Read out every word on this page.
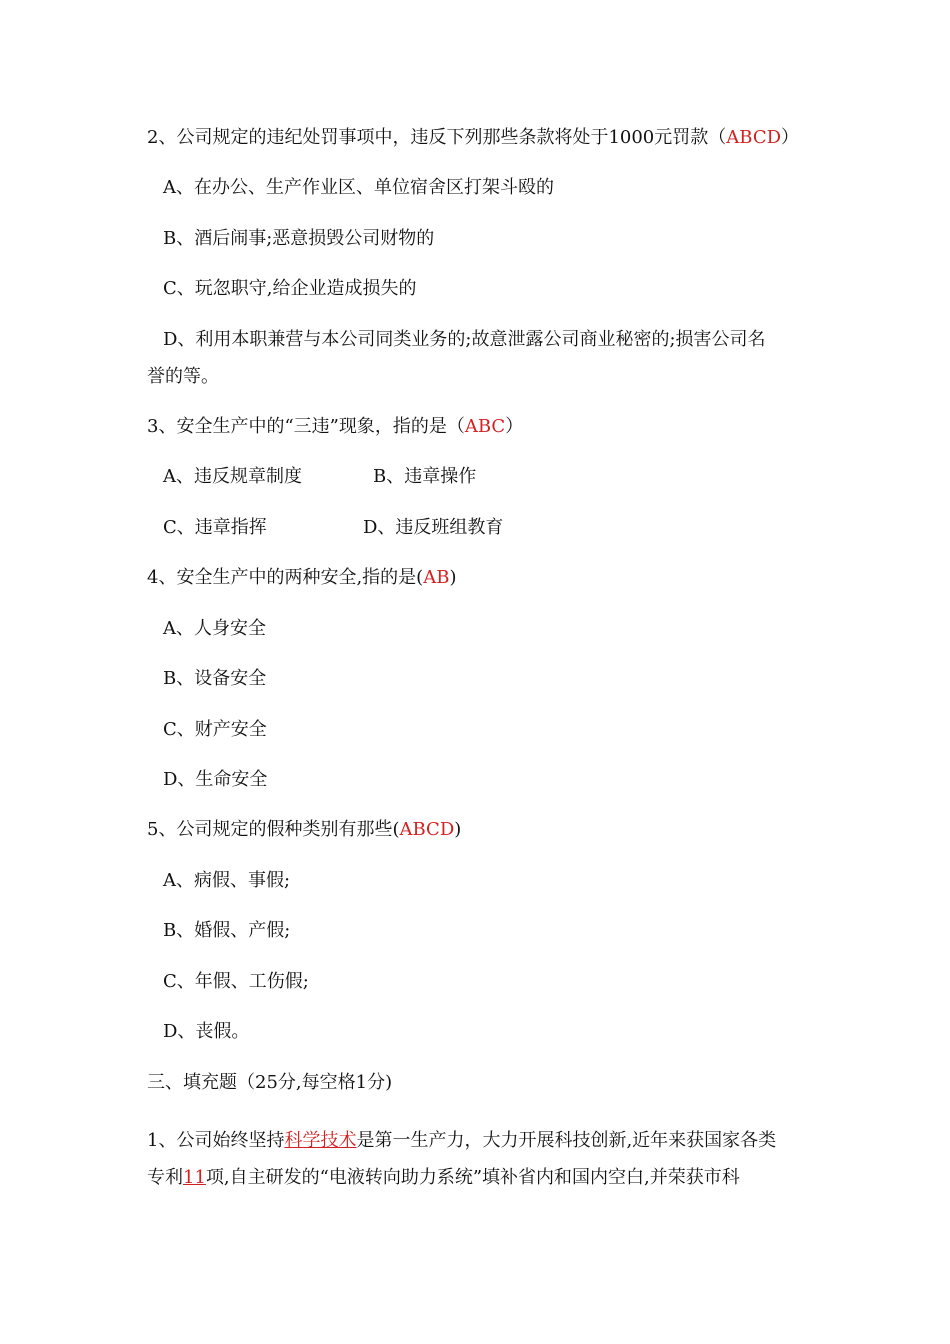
2、公司规定的违纪处罚事项中，违反下列那些条款将处于1000元罚款（ABCD）
A、在办公、生产作业区、单位宿舍区打架斗殴的
B、酒后闹事;恶意损毁公司财物的
C、玩忽职守,给企业造成损失的
D、利用本职兼营与本公司同类业务的;故意泄露公司商业秘密的;损害公司名
誉的等。
3、安全生产中的“三违”现象，指的是（ABC）
A、违反规章制度	B、违章操作
C、违章指挥	D、违反班组教育
4、安全生产中的两种安全,指的是(AB)
A、人身安全
B、设备安全
C、财产安全
D、生命安全
5、公司规定的假种类别有那些(ABCD)
A、病假、事假;
B、婚假、产假;
C、年假、工伤假;
D、丧假。
三、填充题（25分,每空格1分)
1、公司始终坚持科学技术是第一生产力，大力开展科技创新,近年来获国家各类
专利11项,自主研发的“电液转向助力系统”填补省内和国内空白,并荣获市科
